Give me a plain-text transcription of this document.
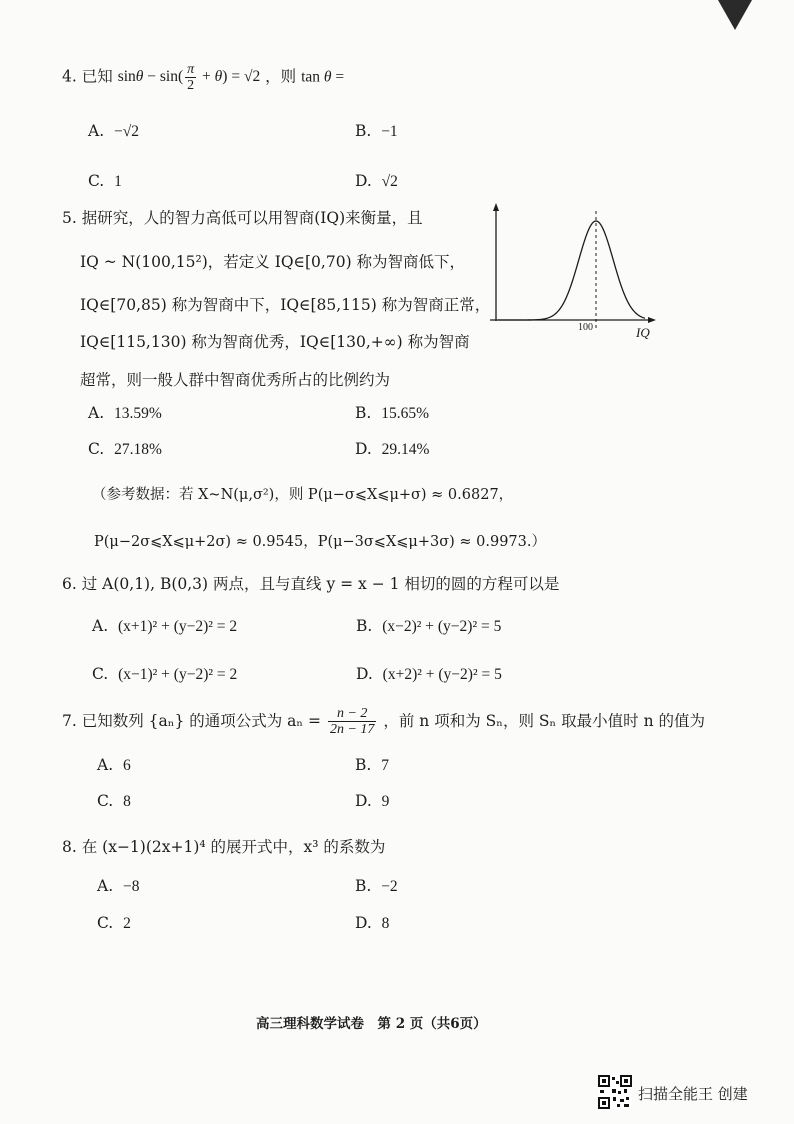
4. 已知 $\sin\theta - \sin( \frac{\pi}{2} + \theta) = √2$ ，则 tan θ =
A. −√2	B. −1
C. 1	D. √2
5. 据研究，人的智力高低可以用智商(IQ)来衡量，且
IQ ~ N(100,15²)，若定义 IQ∈[0,70) 称为智商低下，
IQ∈[70,85) 称为智商中下，IQ∈[85,115) 称为智商正常，
IQ∈[115,130) 称为智商优秀，IQ∈[130,+∞) 称为智商
超常，则一般人群中智商优秀所占的比例约为
100	IQ
A. 13.59%	B. 15.65%
C. 27.18%	D. 29.14%
（参考数据：若 X~N(μ,σ²)，则 P(μ−σ⩽X⩽μ+σ) ≈ 0.6827，
P(μ−2σ⩽X⩽μ+2σ) ≈ 0.9545，P(μ−3σ⩽X⩽μ+3σ) ≈ 0.9973.）
6. 过 A(0,1), B(0,3) 两点，且与直线 y = x − 1 相切的圆的方程可以是
A. (x+1)² + (y−2)² = 2	B. (x−2)² + (y−2)² = 5
C. (x−1)² + (y−2)² = 2	D. (x+2)² + (y−2)² = 5
7. 已知数列 {aₙ} 的通项公式为 $a_n = \frac{n - 2}{2n - 17}$ ，前 n 项和为 Sₙ，则 Sₙ 取最小值时 n 的值为
A. 6	B. 7
C. 8	D. 9
8. 在 (x−1)(2x+1)⁴ 的展开式中，x³ 的系数为
A. −8	B. −2
C. 2	D. 8
高三理科数学试卷　第 2 页（共6页）
扫描全能王 创建
